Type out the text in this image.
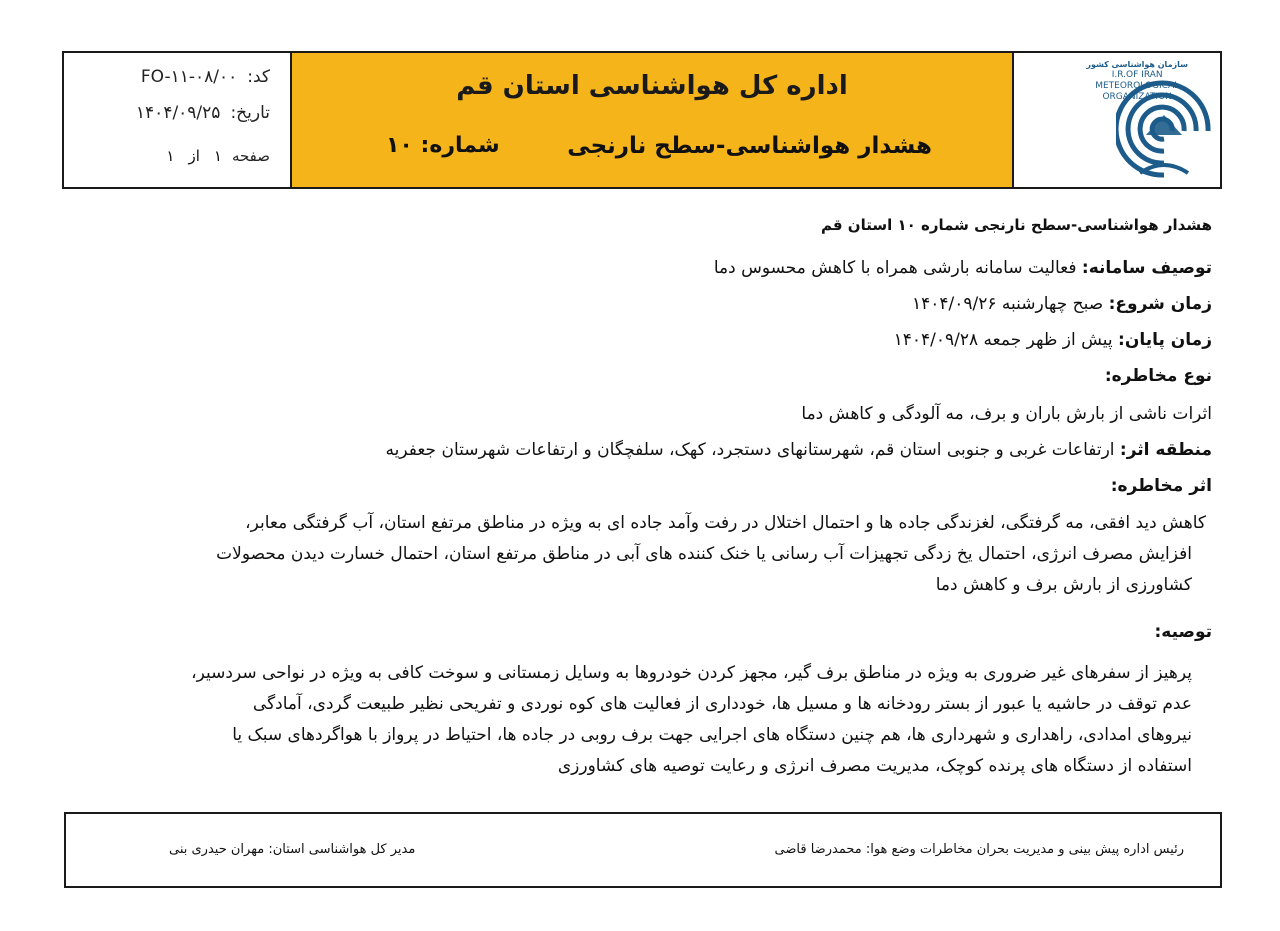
سازمان هواشناسی کشور
I.R.OF IRAN
METEOROLOGICAL
ORGANIZATION
اداره کل هواشناسی استان قم
هشدار هواشناسی-سطح نارنجی
شماره: ۱۰
کد:
FO-۱۱-۰۸/۰۰
تاریخ:
۱۴۰۴/۰۹/۲۵
صفحه
۱
از
۱
هشدار هواشناسی-سطح نارنجی شماره ۱۰ استان قم
توصیف سامانه: فعالیت سامانه بارشی همراه با کاهش محسوس دما
زمان شروع: صبح چهارشنبه ۱۴۰۴/۰۹/۲۶
زمان پایان: پیش از ظهر جمعه ۱۴۰۴/۰۹/۲۸
نوع مخاطره:
اثرات ناشی از بارش باران و برف، مه آلودگی و کاهش دما
منطقه اثر: ارتفاعات غربی و جنوبی استان قم، شهرستانهای دستجرد، کهک، سلفچگان و ارتفاعات شهرستان جعفریه
اثر مخاطره:

کاهش دید افقی، مه گرفتگی، لغزندگی جاده ها و احتمال اختلال در رفت وآمد جاده ای به ویژه در مناطق مرتفع استان، آب گرفتگی معابر،

افزایش مصرف انرژی، احتمال یخ زدگی تجهیزات آب رسانی یا خنک کننده های آبی در مناطق مرتفع استان، احتمال خسارت دیدن محصولات

کشاورزی از بارش برف و کاهش دما

توصیه:

پرهیز از سفرهای غیر ضروری به ویژه در مناطق برف گیر، مجهز کردن خودروها به وسایل زمستانی و سوخت کافی به ویژه در نواحی سردسیر،

عدم توقف در حاشیه یا عبور از بستر رودخانه ها و مسیل ها، خودداری از فعالیت های کوه نوردی و تفریحی نظیر طبیعت گردی، آمادگی

نیروهای امدادی، راهداری و شهرداری ها، هم چنین دستگاه های اجرایی جهت برف روبی در جاده ها، احتیاط در پرواز با هواگردهای سبک یا

استفاده از دستگاه های پرنده کوچک، مدیریت مصرف انرژی و رعایت توصیه های کشاورزی

رئیس اداره پیش بینی و مدیریت بحران مخاطرات وضع هوا: محمدرضا قاضی
مدیر کل هواشناسی استان: مهران حیدری بنی
